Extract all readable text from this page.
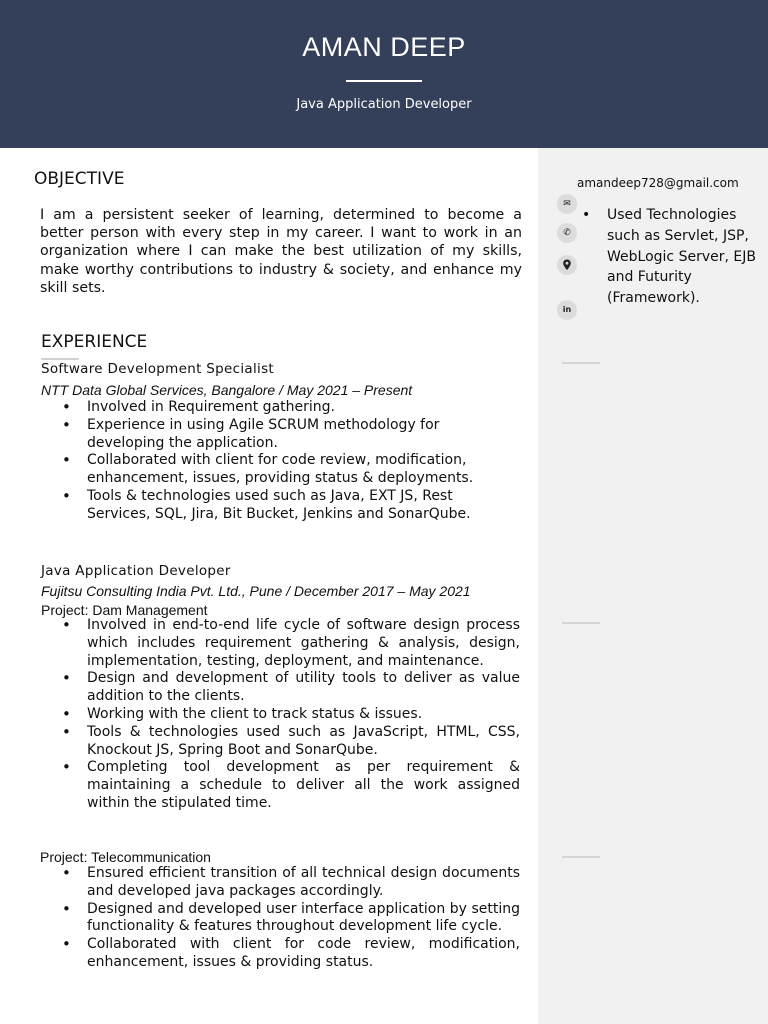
AMAN DEEP
Java Application Developer
amandeep728@gmail.com
✉
✆
in
• Used Technologies such as Servlet, JSP, WebLogic Server, EJB and Futurity (Framework).
OBJECTIVE

I am a persistent seeker of learning, determined to become a better person with every step in my career. I want to work in an organization where I can make the best utilization of my skills, make worthy contributions to industry & society, and enhance my skill sets.

EXPERIENCE
Software Development Specialist
NTT Data Global Services, Bangalore / May 2021 – Present
• Involved in Requirement gathering.
• Experience in using Agile SCRUM methodology for developing the application.
• Collaborated with client for code review, modification, enhancement, issues, providing status & deployments.
• Tools & technologies used such as Java, EXT JS, Rest Services, SQL, Jira, Bit Bucket, Jenkins and SonarQube.
Java Application Developer
Fujitsu Consulting India Pvt. Ltd., Pune / December 2017 – May 2021
Project: Dam Management
• Involved in end-to-end life cycle of software design process which includes requirement gathering & analysis, design, implementation, testing, deployment, and maintenance.
• Design and development of utility tools to deliver as value addition to the clients.
• Working with the client to track status & issues.
• Tools & technologies used such as JavaScript, HTML, CSS, Knockout JS, Spring Boot and SonarQube.
• Completing tool development as per requirement & maintaining a schedule to deliver all the work assigned within the stipulated time.
Project: Telecommunication
• Ensured efficient transition of all technical design documents and developed java packages accordingly.
• Designed and developed user interface application by setting functionality & features throughout development life cycle.
• Collaborated with client for code review, modification, enhancement, issues & providing status.
